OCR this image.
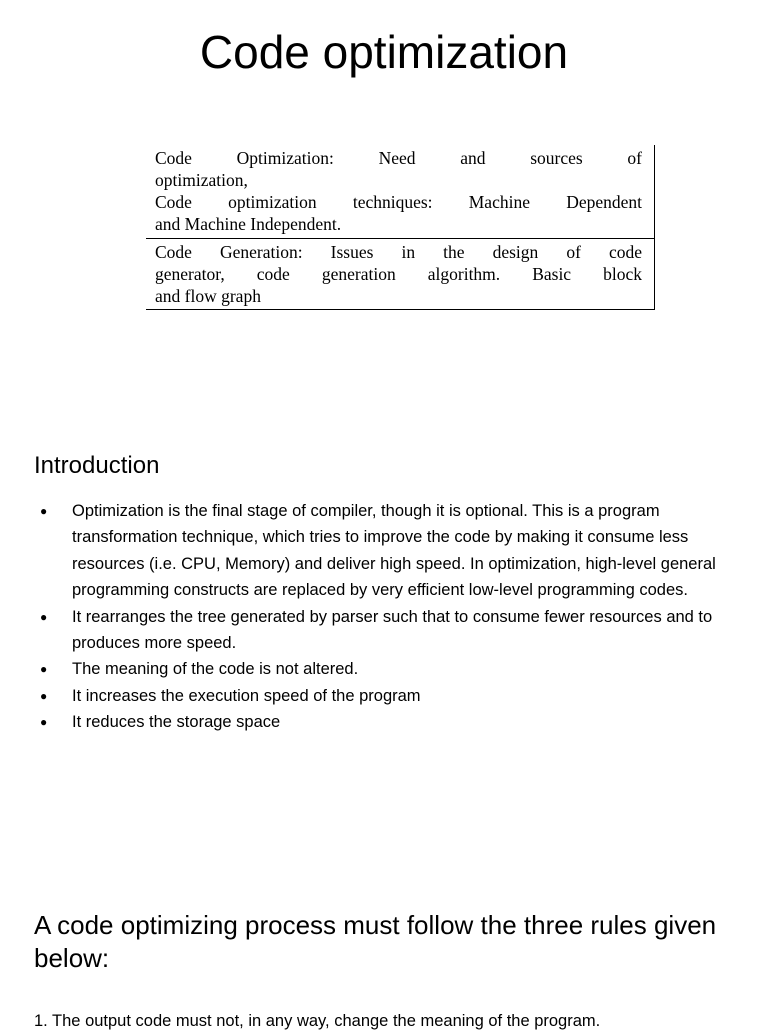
Code optimization
Code Optimization: Need and sources of
optimization,
Code optimization techniques: Machine Dependent
and Machine Independent.
Code Generation: Issues in the design of code
generator, code generation algorithm. Basic block
and flow graph
Introduction
● Optimization is the final stage of compiler, though it is optional. This is a program transformation technique, which tries to improve the code by making it consume less resources (i.e. CPU, Memory) and deliver high speed. In optimization, high-level general programming constructs are replaced by very efficient low-level programming codes.
● It rearranges the tree generated by parser such that to consume fewer resources and to produces more speed.
● The meaning of the code is not altered.
● It increases the execution speed of the program
● It reduces the storage space
A code optimizing process must follow the three rules given below:
1. The output code must not, in any way, change the meaning of the program.
